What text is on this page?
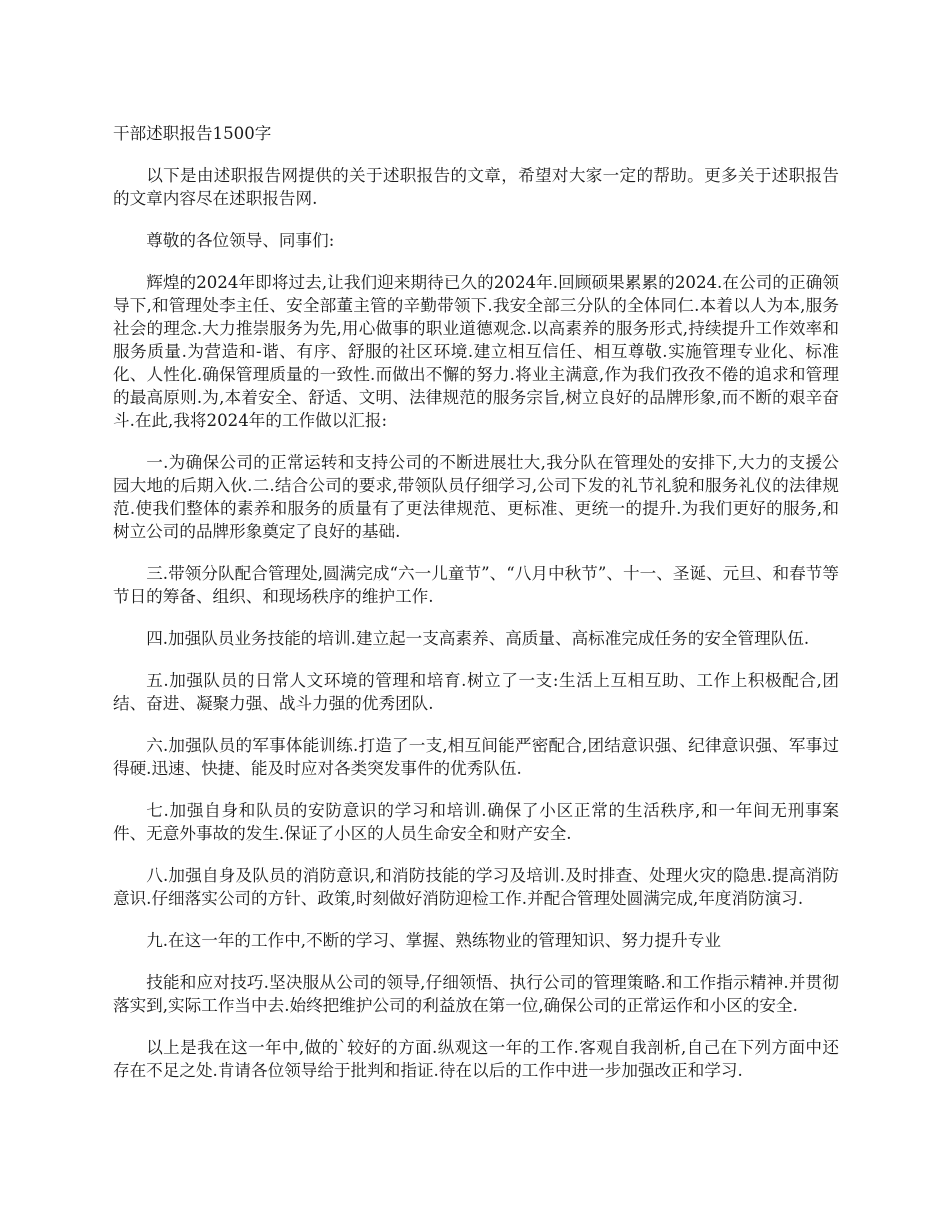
干部述职报告1500字

以下是由述职报告网提供的关于述职报告的文章，希望对大家一定的帮助。更多关于述职报告的文章内容尽在述职报告网.

尊敬的各位领导、同事们:

辉煌的2024年即将过去,让我们迎来期待已久的2024年.回顾硕果累累的2024.在公司的正确领导下,和管理处李主任、安全部董主管的辛勤带领下.我安全部三分队的全体同仁.本着以人为本,服务社会的理念.大力推崇服务为先,用心做事的职业道德观念.以高素养的服务形式,持续提升工作效率和服务质量.为营造和-谐、有序、舒服的社区环境.建立相互信任、相互尊敬.实施管理专业化、标准化、人性化.确保管理质量的一致性.而做出不懈的努力.将业主满意,作为我们孜孜不倦的追求和管理的最高原则.为,本着安全、舒适、文明、法律规范的服务宗旨,树立良好的品牌形象,而不断的艰辛奋斗.在此,我将2024年的工作做以汇报:

一.为确保公司的正常运转和支持公司的不断进展壮大,我分队在管理处的安排下,大力的支援公园大地的后期入伙.二.结合公司的要求,带领队员仔细学习,公司下发的礼节礼貌和服务礼仪的法律规范.使我们整体的素养和服务的质量有了更法律规范、更标准、更统一的提升.为我们更好的服务,和树立公司的品牌形象奠定了良好的基础.

三.带领分队配合管理处,圆满完成“六一儿童节”、“八月中秋节”、十一、圣诞、元旦、和春节等节日的筹备、组织、和现场秩序的维护工作.

四.加强队员业务技能的培训.建立起一支高素养、高质量、高标准完成任务的安全管理队伍.

五.加强队员的日常人文环境的管理和培育.树立了一支:生活上互相互助、工作上积极配合,团结、奋进、凝聚力强、战斗力强的优秀团队.

六.加强队员的军事体能训练.打造了一支,相互间能严密配合,团结意识强、纪律意识强、军事过得硬.迅速、快捷、能及时应对各类突发事件的优秀队伍.

七.加强自身和队员的安防意识的学习和培训.确保了小区正常的生活秩序,和一年间无刑事案件、无意外事故的发生.保证了小区的人员生命安全和财产安全.

八.加强自身及队员的消防意识,和消防技能的学习及培训.及时排查、处理火灾的隐患.提高消防意识.仔细落实公司的方针、政策,时刻做好消防迎检工作.并配合管理处圆满完成,年度消防演习.

九.在这一年的工作中,不断的学习、掌握、熟练物业的管理知识、努力提升专业

技能和应对技巧.坚决服从公司的领导,仔细领悟、执行公司的管理策略.和工作指示精神.并贯彻落实到,实际工作当中去.始终把维护公司的利益放在第一位,确保公司的正常运作和小区的安全.

以上是我在这一年中,做的`较好的方面.纵观这一年的工作.客观自我剖析,自己在下列方面中还存在不足之处.肯请各位领导给于批判和指证.待在以后的工作中进一步加强改正和学习.
